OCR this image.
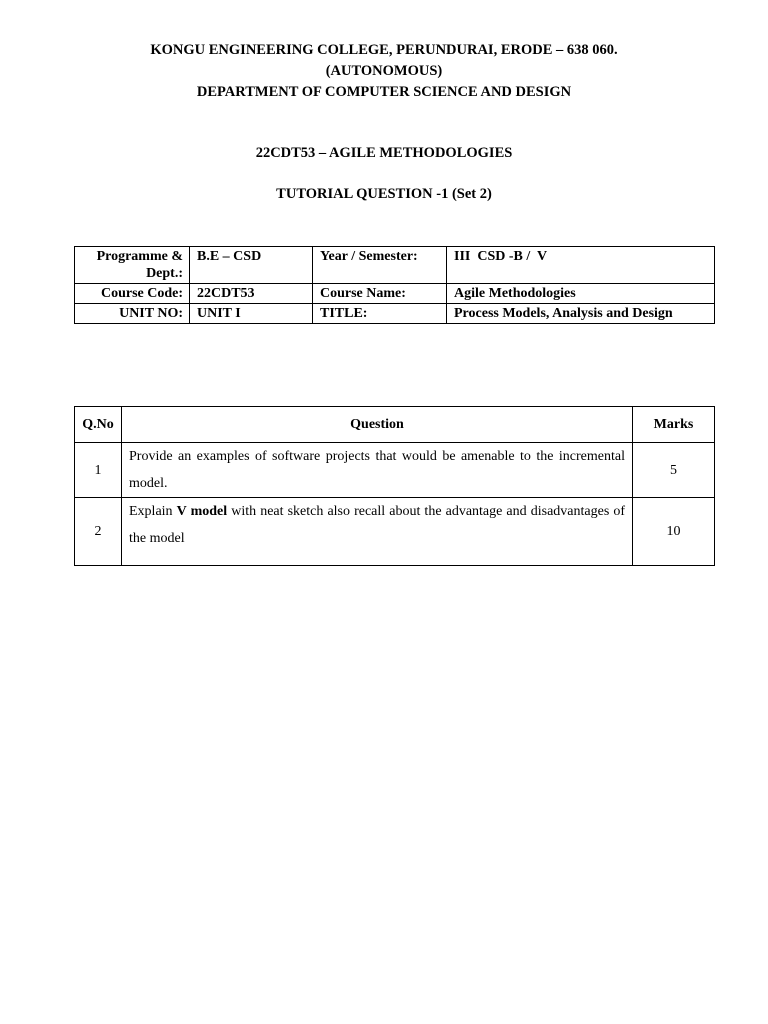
KONGU ENGINEERING COLLEGE, PERUNDURAI, ERODE – 638 060.
(AUTONOMOUS)
DEPARTMENT OF COMPUTER SCIENCE AND DESIGN
22CDT53 – AGILE METHODOLOGIES
TUTORIAL QUESTION -1 (Set 2)
Programme & Dept.:	B.E – CSD	Year / Semester:	III  CSD -B /  V
Course Code:	22CDT53	Course Name:	Agile Methodologies
UNIT NO:	UNIT I	TITLE:	Process Models, Analysis and Design
Q.No	Question	Marks
1	Provide an examples of software projects that would be amenable to the incremental model.	5
2	Explain V model with neat sketch also recall about the advantage and disadvantages of the model	10
